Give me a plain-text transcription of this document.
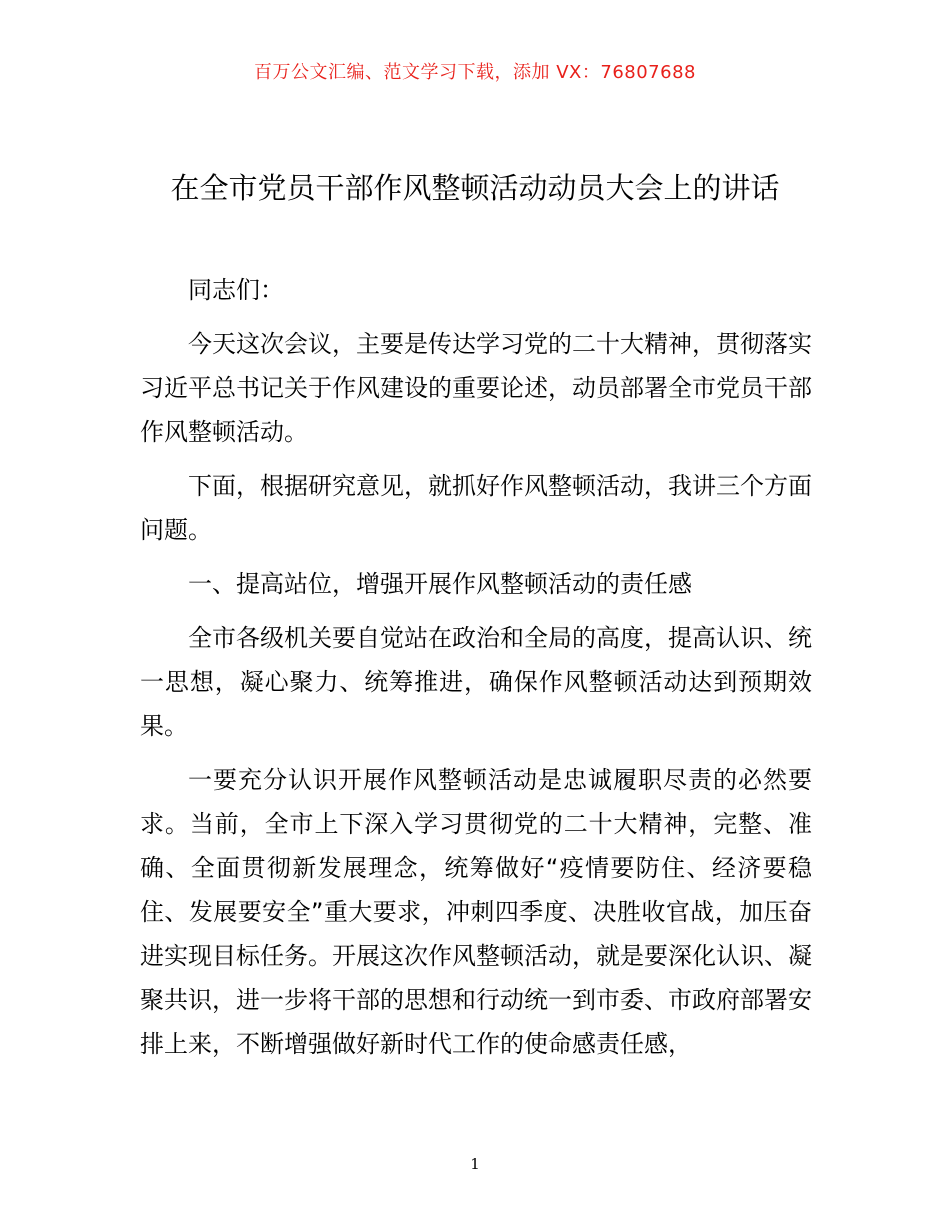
百万公文汇编、范文学习下载，添加 VX：76807688
在全市党员干部作风整顿活动动员大会上的讲话

同志们：

今天这次会议，主要是传达学习党的二十大精神，贯彻落实习近平总书记关于作风建设的重要论述，动员部署全市党员干部作风整顿活动。

下面，根据研究意见，就抓好作风整顿活动，我讲三个方面问题。

一、提高站位，增强开展作风整顿活动的责任感

全市各级机关要自觉站在政治和全局的高度，提高认识、统一思想，凝心聚力、统筹推进，确保作风整顿活动达到预期效果。

一要充分认识开展作风整顿活动是忠诚履职尽责的必然要求。当前，全市上下深入学习贯彻党的二十大精神，完整、准确、全面贯彻新发展理念，统筹做好“疫情要防住、经济要稳住、发展要安全”重大要求，冲刺四季度、决胜收官战，加压奋进实现目标任务。开展这次作风整顿活动，就是要深化认识、凝聚共识，进一步将干部的思想和行动统一到市委、市政府部署安排上来，不断增强做好新时代工作的使命感责任感，

1
